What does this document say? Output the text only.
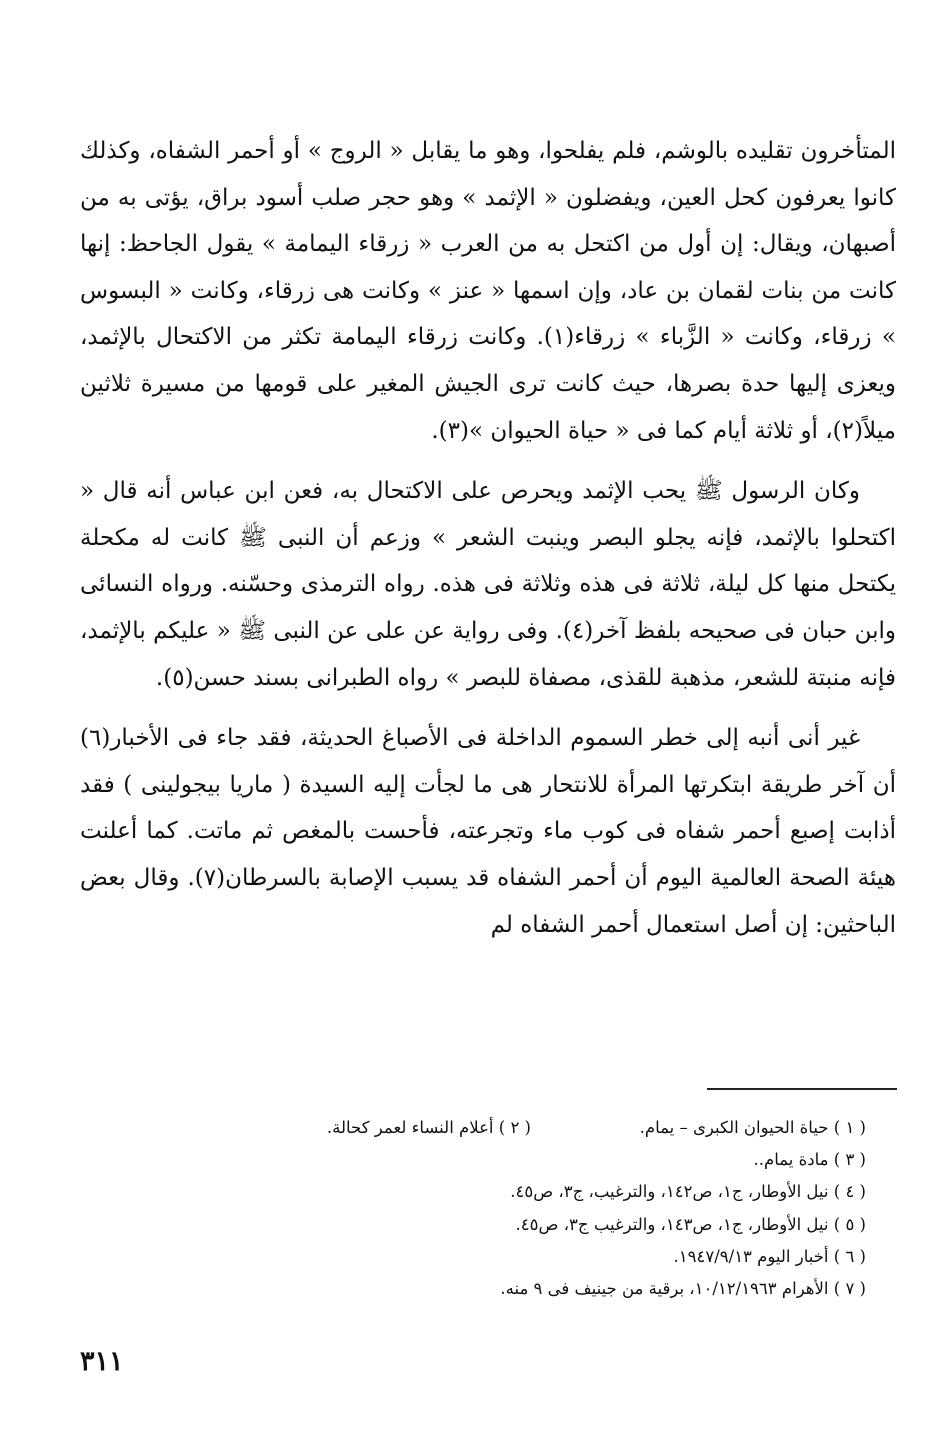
المتأخرون تقليده بالوشم، فلم يفلحوا، وهو ما يقابل « الروج » أو أحمر الشفاه، وكذلك كانوا يعرفون كحل العين، ويفضلون « الإثمد » وهو حجر صلب أسود براق، يؤتى به من أصبهان، ويقال: إن أول من اكتحل به من العرب « زرقاء اليمامة » يقول الجاحظ: إنها كانت من بنات لقمان بن عاد، وإن اسمها « عنز » وكانت هى زرقاء، وكانت « البسوس » زرقاء، وكانت « الزَّباء » زرقاء(١). وكانت زرقاء اليمامة تكثر من الاكتحال بالإثمد، ويعزى إليها حدة بصرها، حيث كانت ترى الجيش المغير على قومها من مسيرة ثلاثين ميلاً(٢)، أو ثلاثة أيام كما فى « حياة الحيوان »(٣).

وكان الرسول ﷺ يحب الإثمد ويحرص على الاكتحال به، فعن ابن عباس أنه قال « اكتحلوا بالإثمد، فإنه يجلو البصر وينبت الشعر » وزعم أن النبى ﷺ كانت له مكحلة يكتحل منها كل ليلة، ثلاثة فى هذه وثلاثة فى هذه. رواه الترمذى وحسّنه. ورواه النسائى وابن حبان فى صحيحه بلفظ آخر(٤). وفى رواية عن على عن النبى ﷺ « عليكم بالإثمد، فإنه منبتة للشعر، مذهبة للقذى، مصفاة للبصر » رواه الطبرانى بسند حسن(٥).

غير أنى أنبه إلى خطر السموم الداخلة فى الأصباغ الحديثة، فقد جاء فى الأخبار(٦) أن آخر طريقة ابتكرتها المرأة للانتحار هى ما لجأت إليه السيدة ( ماريا بيجولينى ) فقد أذابت إصبع أحمر شفاه فى كوب ماء وتجرعته، فأحست بالمغص ثم ماتت. كما أعلنت هيئة الصحة العالمية اليوم أن أحمر الشفاه قد يسبب الإصابة بالسرطان(٧). وقال بعض الباحثين: إن أصل استعمال أحمر الشفاه لم

( ١ ) حياة الحيوان الكبرى – يمام.( ٢ ) أعلام النساء لعمر كحالة.
( ٣ ) مادة يمام..
( ٤ ) نيل الأوطار، ج١، ص١٤٢، والترغيب، ج٣، ص٤٥.
( ٥ ) نيل الأوطار، ج١، ص١٤٣، والترغيب ج٣، ص٤٥.
( ٦ ) أخبار اليوم ١٩٤٧/٩/١٣.
( ٧ ) الأهرام ١٠/١٢/١٩٦٣، برقية من جينيف فى ٩ منه.
٣١١
